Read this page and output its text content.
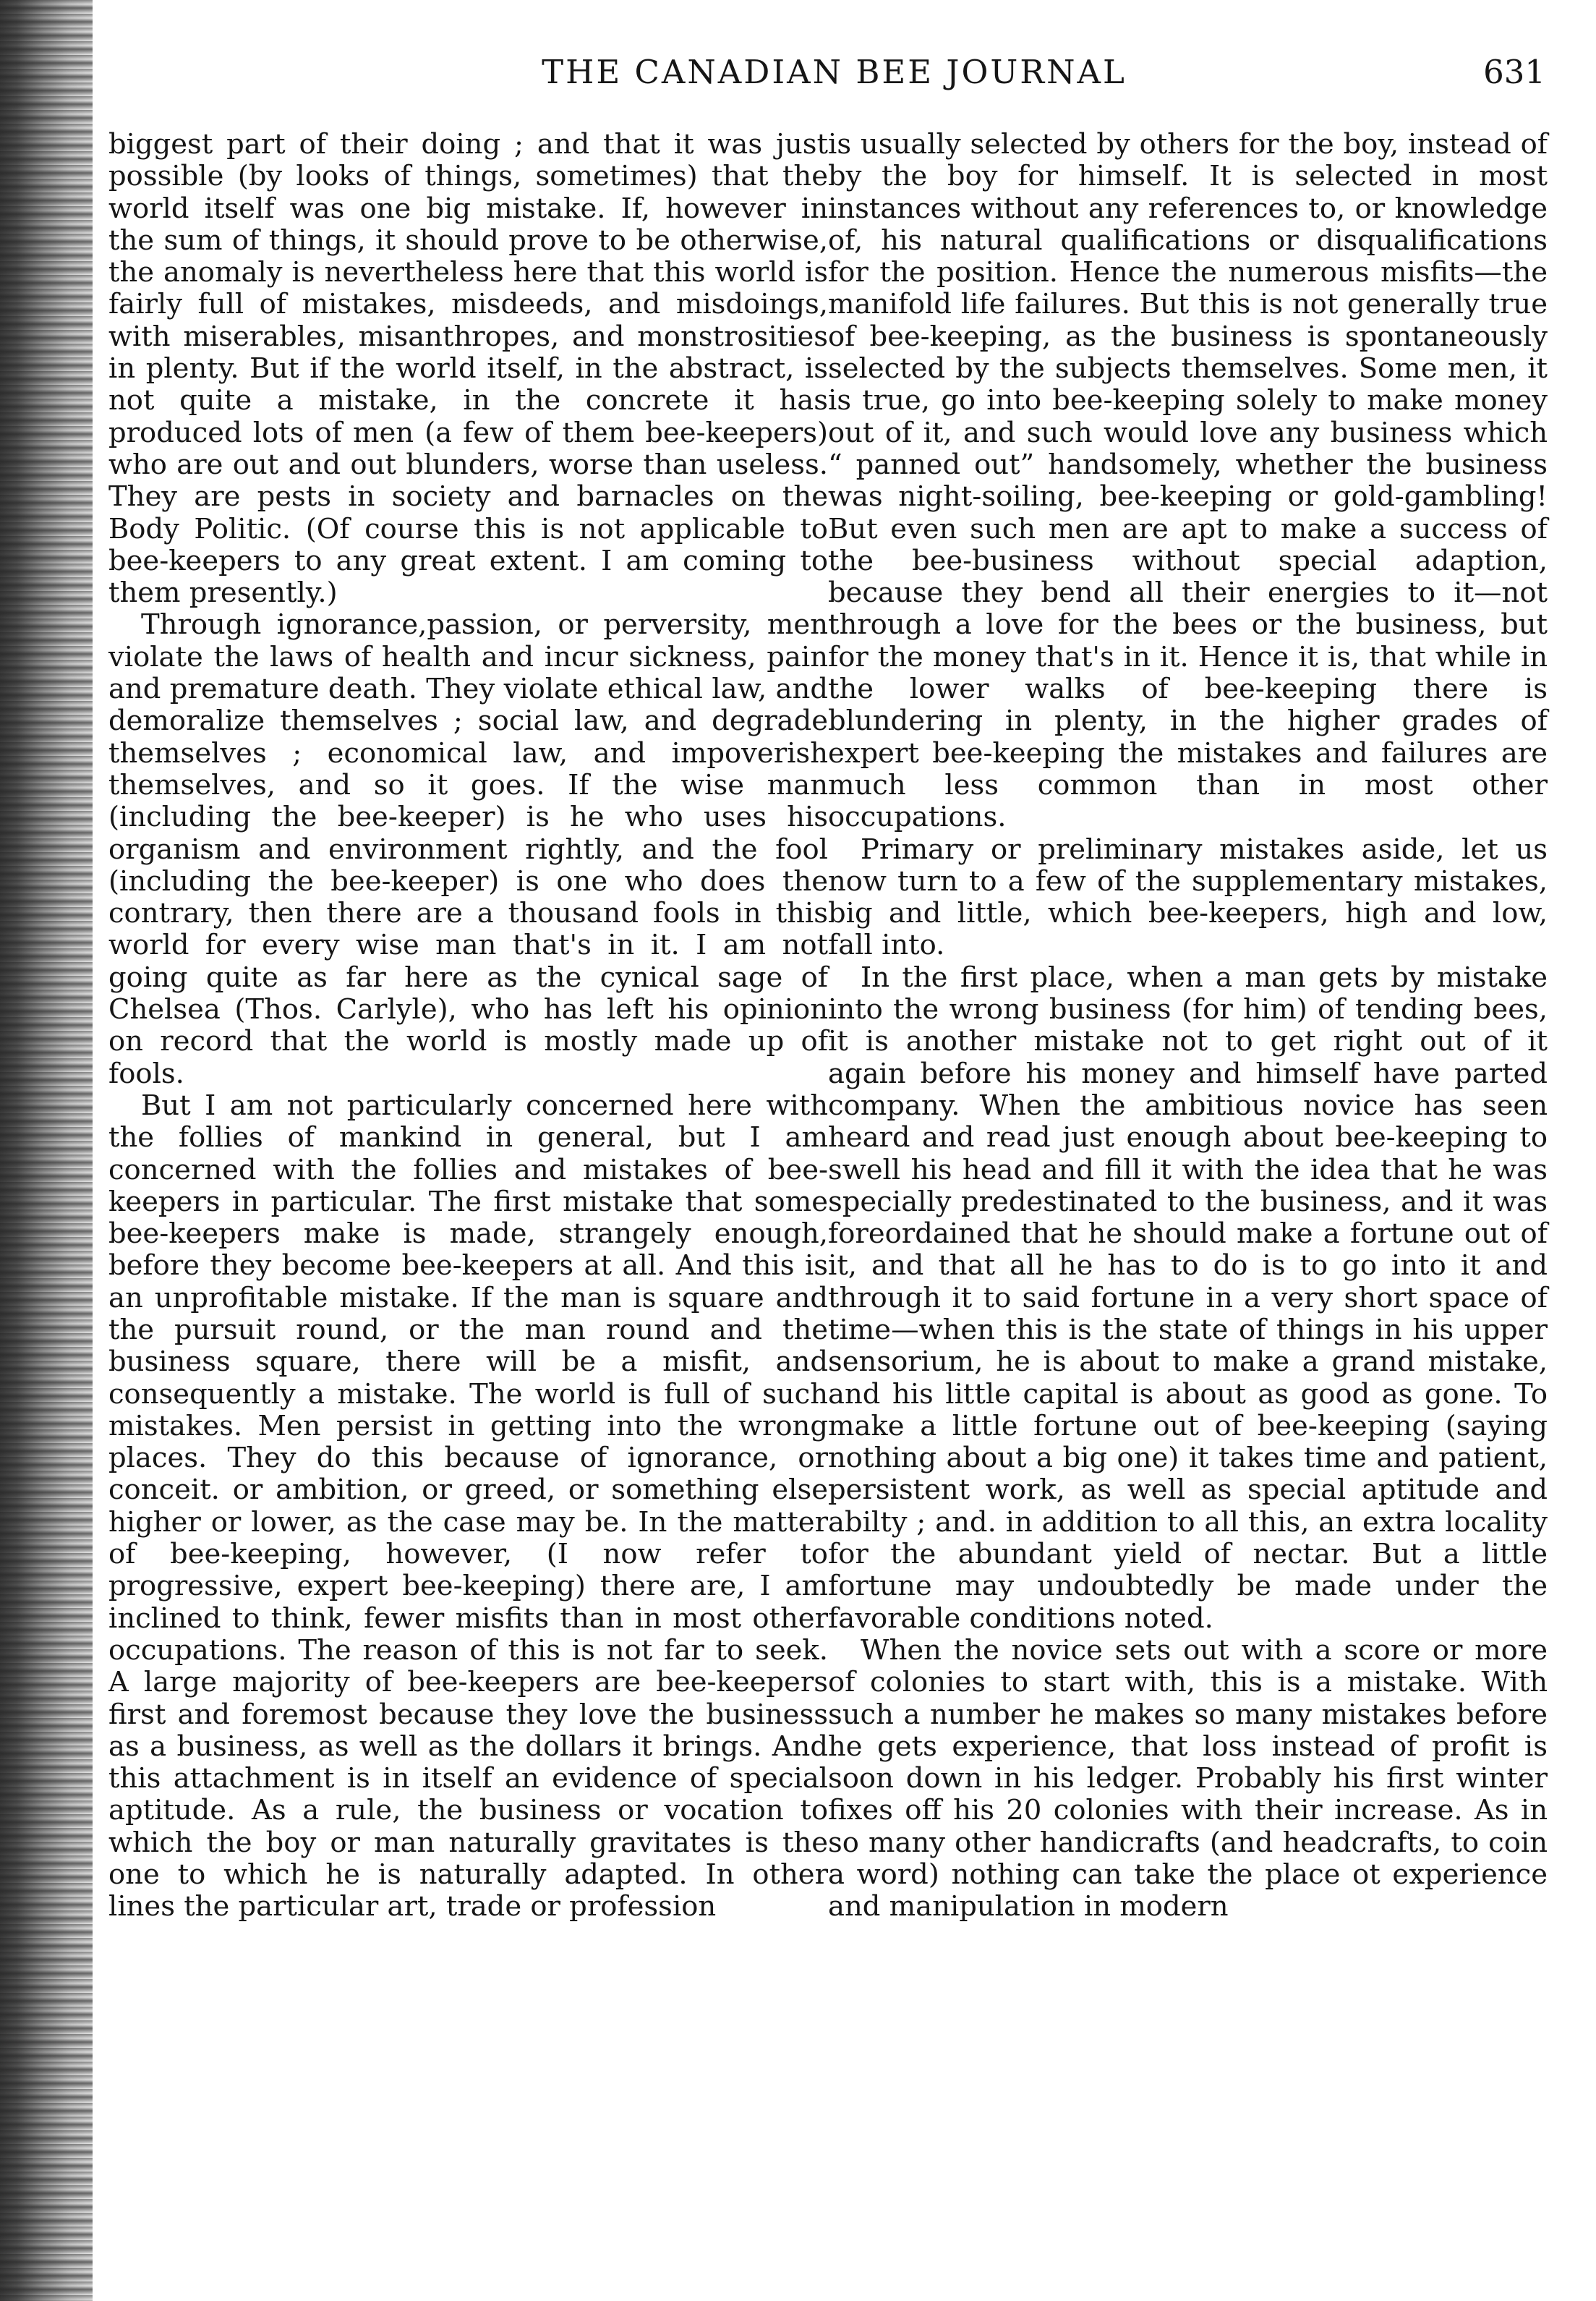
THE CANADIAN BEE JOURNAL	631

biggest part of their doing ; and that it was just possible (by looks of things, sometimes) that the world itself was one big mistake. If, however in the sum of things, it should prove to be otherwise, the anomaly is nevertheless here that this world is fairly full of mistakes, misdeeds, and misdoings, with miserables, misanthropes, and monstrosities in plenty. But if the world itself, in the abstract, is not quite a mistake, in the concrete it has produced lots of men (a few of them bee-keepers) who are out and out blunders, worse than useless. They are pests in society and barnacles on the Body Politic. (Of course this is not applicable to bee-keepers to any great extent. I am coming to them presently.)

Through ignorance,passion, or perversity, men violate the laws of health and incur sickness, pain and premature death. They violate ethical law, and demoralize themselves ; social law, and degrade themselves ; economical law, and impoverish themselves, and so it goes. If the wise man (including the bee-keeper) is he who uses his organism and environment rightly, and the fool (including the bee-keeper) is one who does the contrary, then there are a thousand fools in this world for every wise man that's in it. I am not going quite as far here as the cynical sage of Chelsea (Thos. Carlyle), who has left his opinion on record that the world is mostly made up of fools.

But I am not particularly concerned here with the follies of mankind in general, but I am concerned with the follies and mistakes of bee-keepers in particular. The first mistake that some bee-keepers make is made, strangely enough, before they become bee-keepers at all. And this is an unprofitable mistake. If the man is square and the pursuit round, or the man round and the business square, there will be a misfit, and consequently a mistake. The world is full of such mistakes. Men persist in getting into the wrong places. They do this because of ignorance, or conceit. or ambition, or greed, or something else higher or lower, as the case may be. In the matter of bee-keeping, however, (I now refer to progressive, expert bee-keeping) there are, I am inclined to think, fewer misfits than in most other occupations. The reason of this is not far to seek. A large majority of bee-keepers are bee-keepers first and foremost because they love the business as a business, as well as the dollars it brings. And this attachment is in itself an evidence of special aptitude. As a rule, the business or vocation to which the boy or man naturally gravitates is the one to which he is naturally adapted. In other lines the particular art, trade or profession

is usually selected by others for the boy, instead of by the boy for himself. It is selected in most instances without any references to, or knowledge of, his natural qualifications or disqualifications for the position. Hence the numerous misfits—the manifold life failures. But this is not generally true of bee-keeping, as the business is spontaneously selected by the subjects themselves. Some men, it is true, go into bee-keeping solely to make money out of it, and such would love any business which “ panned out” handsomely, whether the business was night-soiling, bee-keeping or gold-gambling! But even such men are apt to make a success of the bee-business without special adaption, because they bend all their energies to it—not through a love for the bees or the business, but for the money that's in it. Hence it is, that while in the lower walks of bee-keeping there is blundering in plenty, in the higher grades of expert bee-keeping the mistakes and failures are much less common than in most other occupations.

Primary or preliminary mistakes aside, let us now turn to a few of the supplementary mistakes, big and little, which bee-keepers, high and low, fall into.

In the first place, when a man gets by mistake into the wrong business (for him) of tending bees, it is another mistake not to get right out of it again before his money and himself have parted company. When the ambitious novice has seen heard and read just enough about bee-keeping to swell his head and fill it with the idea that he was specially predestinated to the business, and it was foreordained that he should make a fortune out of it, and that all he has to do is to go into it and through it to said fortune in a very short space of time—when this is the state of things in his upper sensorium, he is about to make a grand mistake, and his little capital is about as good as gone. To make a little fortune out of bee-keeping (saying nothing about a big one) it takes time and patient, persistent work, as well as special aptitude and abilty ; and. in addition to all this, an extra locality for the abundant yield of nectar. But a little fortune may undoubtedly be made under the favorable conditions noted.

When the novice sets out with a score or more of colonies to start with, this is a mistake. With such a number he makes so many mistakes before he gets experience, that loss instead of profit is soon down in his ledger. Probably his first winter fixes off his 20 colonies with their increase. As in so many other handicrafts (and headcrafts, to coin a word) nothing can take the place ot experience and manipulation in modern
